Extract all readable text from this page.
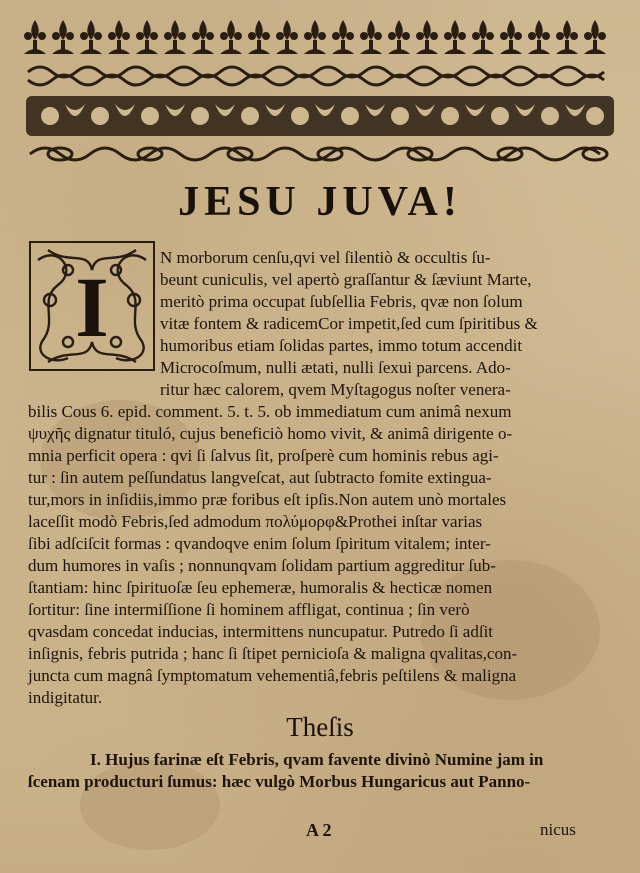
JESU JUVA!
I
N morborum cenſu,qvi vel ſilentiò & occultis ſu-
beunt cuniculis, vel apertò graſſantur & ſæviunt Marte,
meritò prima occupat ſubſellia Febris, qvæ non ſolum
vitæ fontem & radicemCor impetit,ſed cum ſpiritibus &
humoribus etiam ſolidas partes, immo totum accendit
Microcoſmum, nulli ætati, nulli ſexui parcens. Ado-
ritur hæc calorem, qvem Myſtagogus noſter venera-
bilis Cous 6. epid. comment. 5. t. 5. ob immediatum cum animâ nexum
ψυχῆς dignatur tituló, cujus beneficiò homo vivit, & animâ dirigente o-
mnia perficit opera : qvi ſi ſalvus ſit, proſperè cum hominis rebus agi-
tur : ſin autem peſſundatus langveſcat, aut ſubtractо fomite extingua-
tur,mors in inſidiis,immo præ foribus eſt ipſis.Non autem unò mortales
laceſſit modò Febris,ſed admodum πολύμορφ&Prothei inſtar varias
ſibi adſciſcit formas : qvandoqve enim ſolum ſpiritum vitalem; inter-
dum humores in vaſis ; nonnunqvam ſolidam partium aggreditur ſub-
ſtantiam: hinc ſpirituoſæ ſeu ephemeræ, humoralis & hecticæ nomen
ſortitur: ſine intermiſſione ſi hominem affligat, continua ; ſin verò
qvasdam concedat inducias, intermittens nuncupatur. Putredo ſi adſit
inſignis, febris putrida ; hanc ſi ſtipet pernicioſa & maligna qvalitas,con-
juncta cum magnâ ſymptomatum vehementiâ,febris peſtilens & maligna
indigitatur.
Theſis
I. Hujus farinæ eſt Febris, qvam favente divinò Numine jam in
ſcenam producturi ſumus: hæc vulgò Morbus Hungaricus aut Panno-
A 2	nicus
